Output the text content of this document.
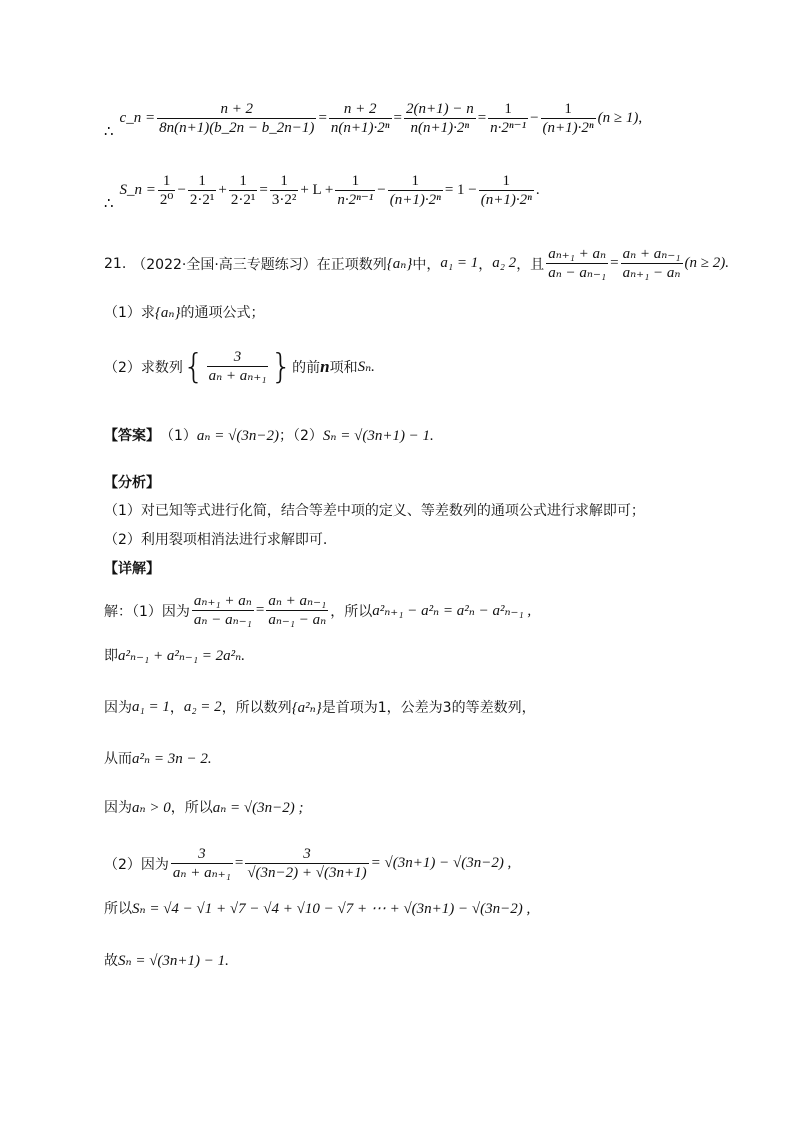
∴
c_n = $\frac{n + 2}{8n(n+1)(b\_2n - b\_2n-1)} = \frac{n + 2}{\text{n(n+1)·2ⁿ}} = \frac{2(n+1) - n}{\text{n(n+1)·2ⁿ}} = \frac{1}{\text{n·2ⁿ⁻¹}} - \frac{1}{\text{(n+1)·2ⁿ}} (n \ge 1)$ ,
∴
S_n = $\frac{1}{\text{2⁰}} - \frac{1}{\text{2·2¹}} + \frac{1}{\text{2·2¹}} = \frac{1}{\text{3·2²}} + L + \frac{1}{\text{n·2ⁿ⁻¹}} - \frac{1}{\text{(n+1)·2ⁿ}} = 1 - \frac{1}{\text{(n+1)·2ⁿ}}$ .
21. （2022·全国·高三专题练习）在正项数列 {aₙ} 中， a₁ = 1 ， a₂ 2 ，且 $\frac{\text{aₙ₊₁ + aₙ}}{\text{aₙ − aₙ₋₁}} = \frac{\text{aₙ + aₙ₋₁}}{\text{aₙ₊₁ − aₙ}} (n \ge 2)$.
（1）求 {aₙ} 的通项公式；
（2）求数列 { $\frac{3}{\text{aₙ + aₙ₊₁}}$ } 的前 n 项和 Sₙ.
【答案】 （1） aₙ = √(3n−2) ；（2） Sₙ = √(3n+1) − 1.
【分析】
（1）对已知等式进行化简，结合等差中项的定义、等差数列的通项公式进行求解即可；
（2）利用裂项相消法进行求解即可.
【详解】
解：（1）因为 $\frac{\text{aₙ₊₁ + aₙ}}{\text{aₙ − aₙ₋₁}} = \frac{\text{aₙ + aₙ₋₁}}{\text{aₙ₋₁ − aₙ}}$ ，所以 a²ₙ₊₁ − a²ₙ = a²ₙ − a²ₙ₋₁ ,
即 a²ₙ₋₁ + a²ₙ₋₁ = 2a²ₙ.
因为 a₁ = 1 ， a₂ = 2 ，所以数列 {a²ₙ} 是首项为1，公差为3的等差数列，
从而 a²ₙ = 3n − 2.
因为 aₙ > 0 ，所以 aₙ = √(3n−2) ;
（2）因为 $\frac{3}{\text{aₙ + aₙ₊₁}} = \frac{3}{√(3n-2) + √(3n+1)} = √(3n+1) - √(3n-2)$ ,
所以 Sₙ = √4 − √1 + √7 − √4 + √10 − √7 + ⋯ + √(3n+1) − √(3n−2) ,
故 Sₙ = √(3n+1) − 1.
